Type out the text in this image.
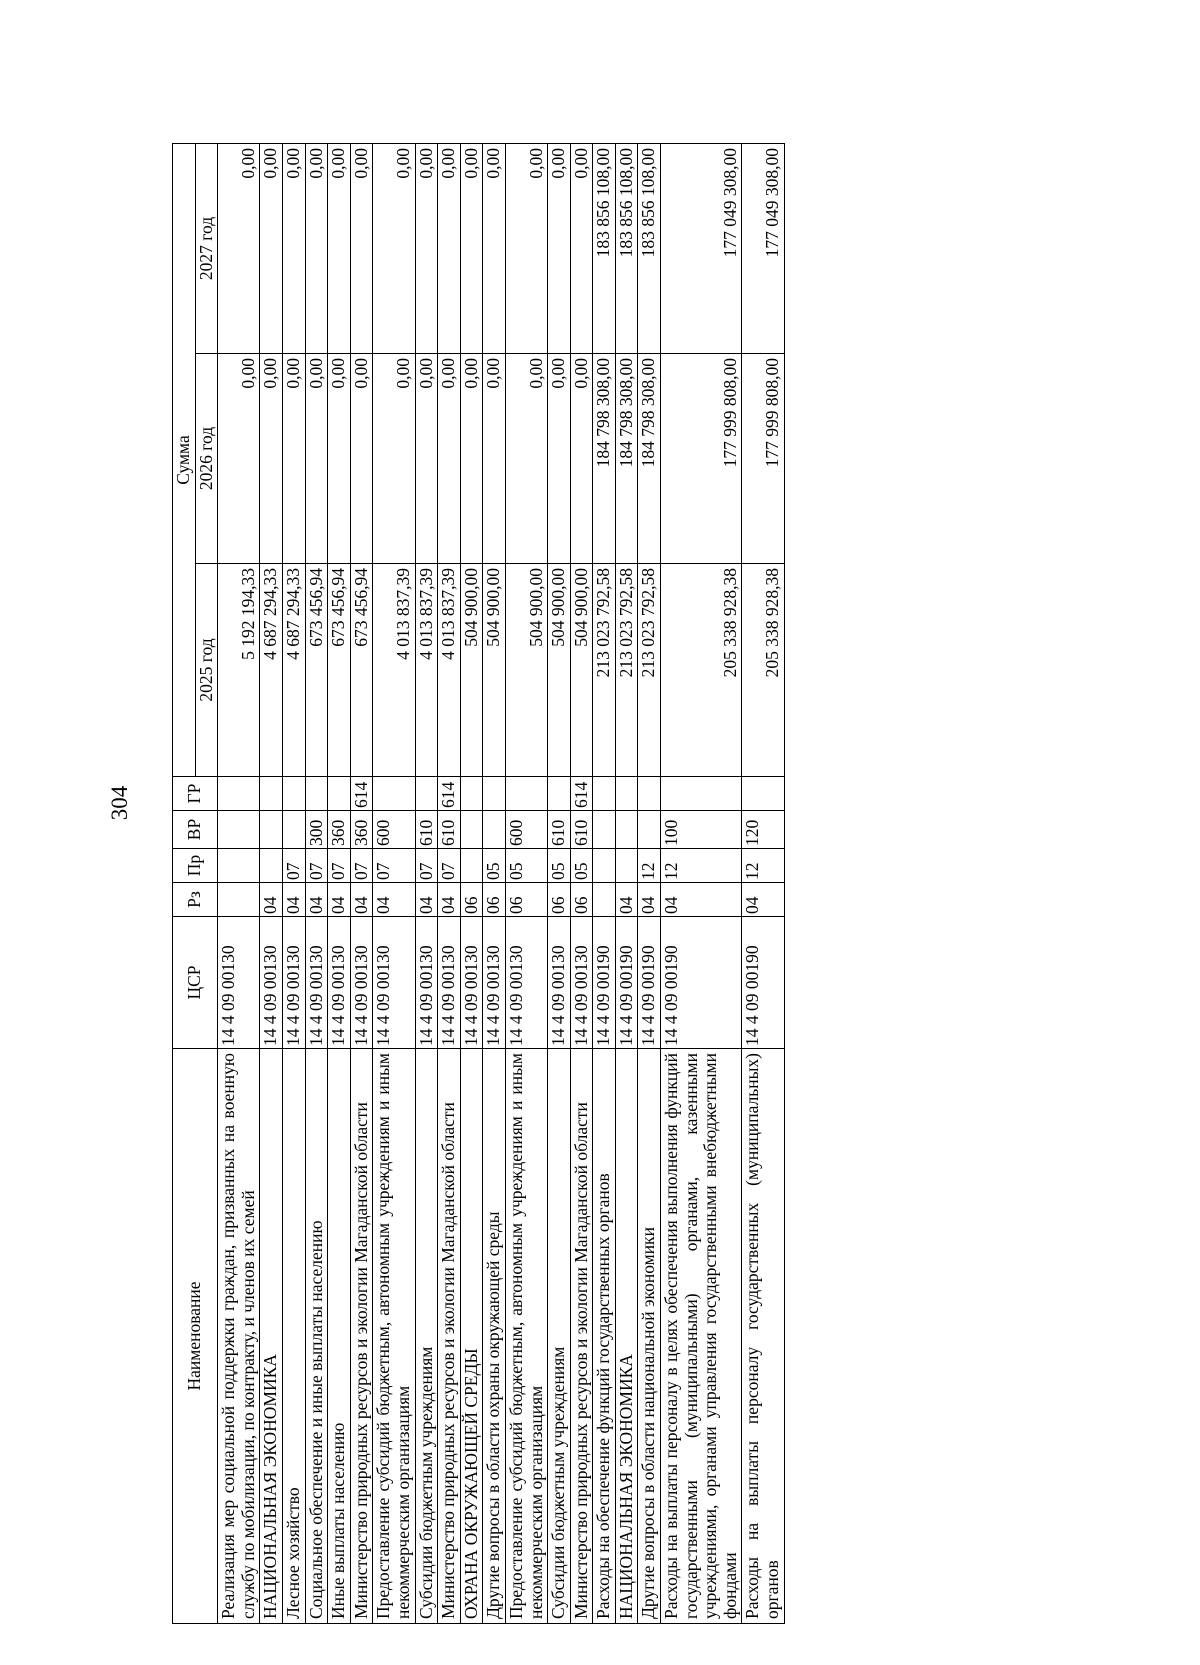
304
Наименование	ЦСР	Рз	Пр	ВР	ГР	Сумма		
						2025 год	2026 год	2027 год
Реализация мер социальной поддержки граждан, призванных на военную службу по мобилизации, по контракту, и членов их семей	14 4 09 00130					5 192 194,33	0,00	0,00
НАЦИОНАЛЬНАЯ ЭКОНОМИКА	14 4 09 00130	04				4 687 294,33	0,00	0,00
Лесное хозяйство	14 4 09 00130	04	07			4 687 294,33	0,00	0,00
Социальное обеспечение и иные выплаты населению	14 4 09 00130	04	07	300		673 456,94	0,00	0,00
Иные выплаты населению	14 4 09 00130	04	07	360		673 456,94	0,00	0,00
Министерство природных ресурсов и экологии Магаданской области	14 4 09 00130	04	07	360	614	673 456,94	0,00	0,00
Предоставление субсидий бюджетным, автономным учреждениям и иным некоммерческим организациям	14 4 09 00130	04	07	600		4 013 837,39	0,00	0,00
Субсидии бюджетным учреждениям	14 4 09 00130	04	07	610		4 013 837,39	0,00	0,00
Министерство природных ресурсов и экологии Магаданской области	14 4 09 00130	04	07	610	614	4 013 837,39	0,00	0,00
ОХРАНА ОКРУЖАЮЩЕЙ СРЕДЫ	14 4 09 00130	06				504 900,00	0,00	0,00
Другие вопросы в области охраны окружающей среды	14 4 09 00130	06	05			504 900,00	0,00	0,00
Предоставление субсидий бюджетным, автономным учреждениям и иным некоммерческим организациям	14 4 09 00130	06	05	600		504 900,00	0,00	0,00
Субсидии бюджетным учреждениям	14 4 09 00130	06	05	610		504 900,00	0,00	0,00
Министерство природных ресурсов и экологии Магаданской области	14 4 09 00130	06	05	610	614	504 900,00	0,00	0,00
Расходы на обеспечение функций государственных органов	14 4 09 00190					213 023 792,58	184 798 308,00	183 856 108,00
НАЦИОНАЛЬНАЯ ЭКОНОМИКА	14 4 09 00190	04				213 023 792,58	184 798 308,00	183 856 108,00
Другие вопросы в области национальной экономики	14 4 09 00190	04	12			213 023 792,58	184 798 308,00	183 856 108,00
Расходы на выплаты персоналу в целях обеспечения выполнения функций государственными (муниципальными) органами, казенными учреждениями, органами управления государственными внебюджетными фондами	14 4 09 00190	04	12	100		205 338 928,38	177 999 808,00	177 049 308,00
Расходы на выплаты персоналу государственных (муниципальных) органов	14 4 09 00190	04	12	120		205 338 928,38	177 999 808,00	177 049 308,00
